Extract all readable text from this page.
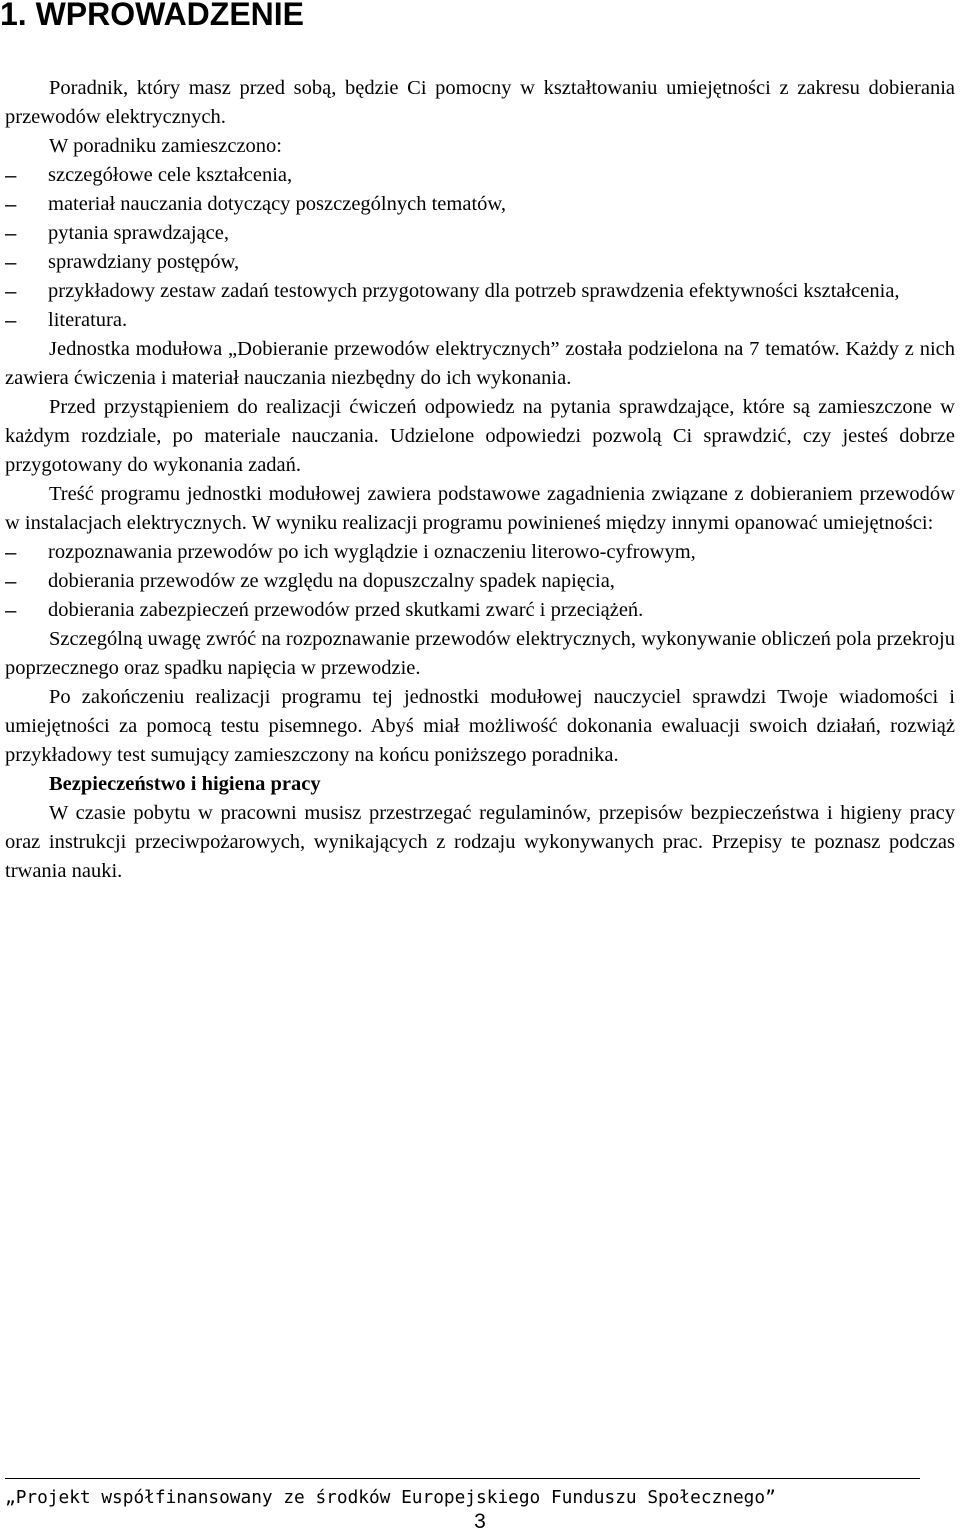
1. WPROWADZENIE

Poradnik, który masz przed sobą, będzie Ci pomocny w kształtowaniu umiejętności z zakresu dobierania przewodów elektrycznych.

W poradniku zamieszczono:

–	szczegółowe cele kształcenia,
–	materiał nauczania dotyczący poszczególnych tematów,
–	pytania sprawdzające,
–	sprawdziany postępów,
–	przykładowy zestaw zadań testowych przygotowany dla potrzeb sprawdzenia efektywności kształcenia,
–	literatura.

Jednostka modułowa „Dobieranie przewodów elektrycznych” została podzielona na 7 tematów. Każdy z nich zawiera ćwiczenia i materiał nauczania niezbędny do ich wykonania.

Przed przystąpieniem do realizacji ćwiczeń odpowiedz na pytania sprawdzające, które są zamieszczone w każdym rozdziale, po materiale nauczania. Udzielone odpowiedzi pozwolą Ci sprawdzić, czy jesteś dobrze przygotowany do wykonania zadań.

Treść programu jednostki modułowej zawiera podstawowe zagadnienia związane z dobieraniem przewodów w instalacjach elektrycznych. W wyniku realizacji programu powinieneś między innymi opanować umiejętności:

–	rozpoznawania przewodów po ich wyglądzie i oznaczeniu literowo-cyfrowym,
–	dobierania przewodów ze względu na dopuszczalny spadek napięcia,
–	dobierania zabezpieczeń przewodów przed skutkami zwarć i przeciążeń.

Szczególną uwagę zwróć na rozpoznawanie przewodów elektrycznych, wykonywanie obliczeń pola przekroju poprzecznego oraz spadku napięcia w przewodzie.

Po zakończeniu realizacji programu tej jednostki modułowej nauczyciel sprawdzi Twoje wiadomości i umiejętności za pomocą testu pisemnego. Abyś miał możliwość dokonania ewaluacji swoich działań, rozwiąż przykładowy test sumujący zamieszczony na końcu poniższego poradnika.

Bezpieczeństwo i higiena pracy

W czasie pobytu w pracowni musisz przestrzegać regulaminów, przepisów bezpieczeństwa i higieny pracy oraz instrukcji przeciwpożarowych, wynikających z rodzaju wykonywanych prac. Przepisy te poznasz podczas trwania nauki.

„Projekt współfinansowany ze środków Europejskiego Funduszu Społecznego”
3
